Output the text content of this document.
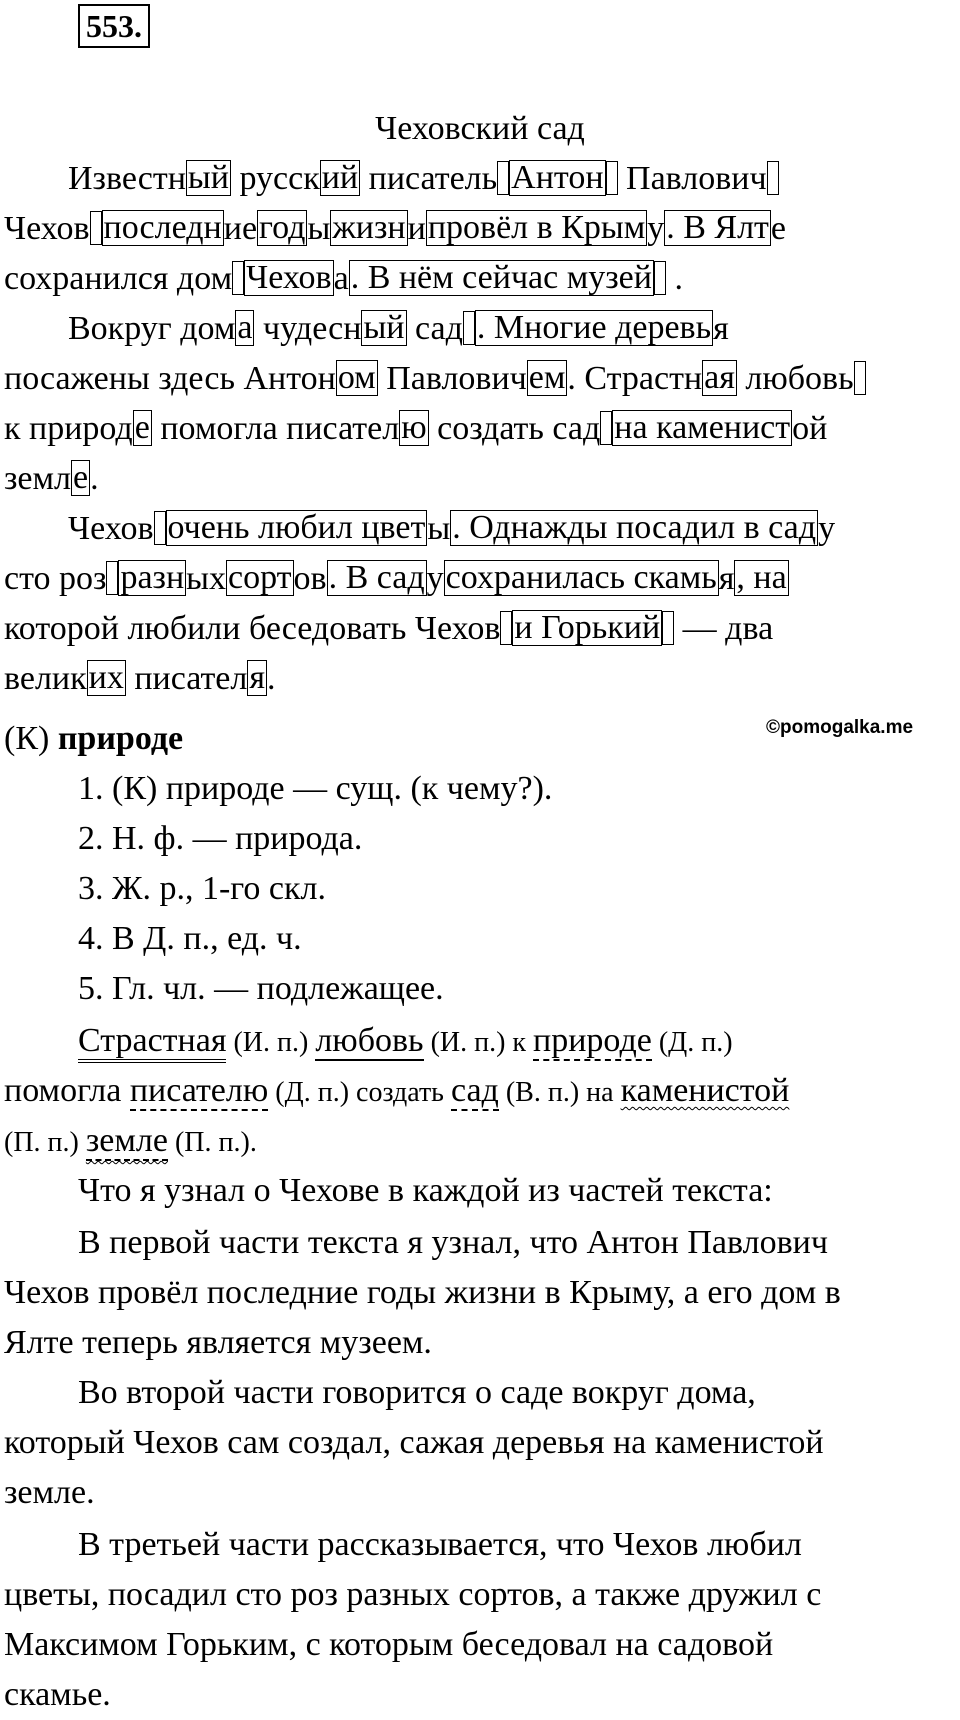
553.
Чеховский сад
Известный русский писательАнтон Павлович
Чеховпоследниегодыжизнипровёл в Крыму. В Ялте
сохранился дом Чехова. В нём сейчас музей .
Вокруг дома чудесный сад. Многие деревья
посажены здесь Антоном Павловичем. Страстная любовь
к природе помогла писателю создать садна каменистой
земле.
Чеховочень любил цветы. Однажды посадил в саду
сто розразныхсортов. В садусохранилась скамья, на
которой любили беседовать Чехови Горький — два
великих писателя.
(К) природе	©pomogalka.me
1. (К) природе — сущ. (к чему?).
2. Н. ф. — природа.
3. Ж. р., 1-го скл.
4. В Д. п., ед. ч.
5. Гл. чл. — подлежащее.
Страстная (И. п.) любовь (И. п.) к природе (Д. п.)
помогла писателю (Д. п.) создать сад (В. п.) на каменистой
(П. п.) земле (П. п.).
Что я узнал о Чехове в каждой из частей текста:
В первой части текста я узнал, что Антон Павлович
Чехов провёл последние годы жизни в Крыму, а его дом в
Ялте теперь является музеем.
Во второй части говорится о саде вокруг дома,
который Чехов сам создал, сажая деревья на каменистой
земле.
В третьей части рассказывается, что Чехов любил
цветы, посадил сто роз разных сортов, а также дружил с
Максимом Горьким, с которым беседовал на садовой
скамье.
